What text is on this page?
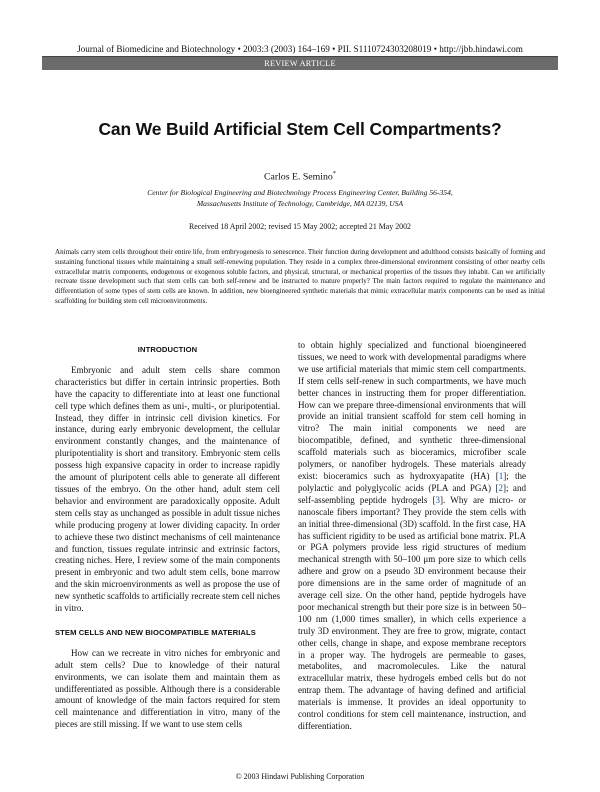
Journal of Biomedicine and Biotechnology • 2003:3 (2003) 164–169 • PII. S1110724303208019 • http://jbb.hindawi.com
REVIEW ARTICLE
Can We Build Artificial Stem Cell Compartments?
Carlos E. Semino*
Center for Biological Engineering and Biotechnology Process Engineering Center, Building 56-354,
Massachusetts Institute of Technology, Cambridge, MA 02139, USA
Received 18 April 2002; revised 15 May 2002; accepted 21 May 2002
Animals carry stem cells throughout their entire life, from embryogenesis to senescence. Their function during development and adulthood consists basically of forming and sustaining functional tissues while maintaining a small self-renewing population. They reside in a complex three-dimensional environment consisting of other nearby cells extracellular matrix components, endogenous or exogenous soluble factors, and physical, structural, or mechanical properties of the tissues they inhabit. Can we artificially recreate tissue development such that stem cells can both self-renew and be instructed to mature properly? The main factors required to regulate the maintenance and differentiation of some types of stem cells are known. In addition, new bioengineered synthetic materials that mimic extracellular matrix components can be used as initial scaffolding for building stem cell microenvironments.
INTRODUCTION

Embryonic and adult stem cells share common characteristics but differ in certain intrinsic properties. Both have the capacity to differentiate into at least one functional cell type which defines them as uni-, multi-, or pluripotential. Instead, they differ in intrinsic cell division kinetics. For instance, during early embryonic development, the cellular environment constantly changes, and the maintenance of pluripotentiality is short and transitory. Embryonic stem cells possess high expansive capacity in order to increase rapidly the amount of pluripotent cells able to generate all different tissues of the embryo. On the other hand, adult stem cell behavior and environment are paradoxically opposite. Adult stem cells stay as unchanged as possible in adult tissue niches while producing progeny at lower dividing capacity. In order to achieve these two distinct mechanisms of cell maintenance and function, tissues regulate intrinsic and extrinsic factors, creating niches. Here, I review some of the main components present in embryonic and two adult stem cells, bone marrow and the skin microenvironments as well as propose the use of new synthetic scaffolds to artificially recreate stem cell niches in vitro.

STEM CELLS AND NEW BIOCOMPATIBLE MATERIALS

How can we recreate in vitro niches for embryonic and adult stem cells? Due to knowledge of their natural environments, we can isolate them and maintain them as undifferentiated as possible. Although there is a considerable amount of knowledge of the main factors required for stem cell maintenance and differentiation in vitro, many of the pieces are still missing. If we want to use stem cells

to obtain highly specialized and functional bioengineered tissues, we need to work with developmental paradigms where we use artificial materials that mimic stem cell compartments. If stem cells self-renew in such compartments, we have much better chances in instructing them for proper differentiation. How can we prepare three-dimensional environments that will provide an initial transient scaffold for stem cell homing in vitro? The main initial components we need are biocompatible, defined, and synthetic three-dimensional scaffold materials such as bioceramics, microfiber scale polymers, or nanofiber hydrogels. These materials already exist: bioceramics such as hydroxyapatite (HA) [1]; the polylactic and polyglycolic acids (PLA and PGA) [2]; and self-assembling peptide hydrogels [3]. Why are micro- or nanoscale fibers important? They provide the stem cells with an initial three-dimensional (3D) scaffold. In the first case, HA has sufficient rigidity to be used as artificial bone matrix. PLA or PGA polymers provide less rigid structures of medium mechanical strength with 50–100 μm pore size to which cells adhere and grow on a pseudo 3D environment because their pore dimensions are in the same order of magnitude of an average cell size. On the other hand, peptide hydrogels have poor mechanical strength but their pore size is in between 50–100 nm (1,000 times smaller), in which cells experience a truly 3D environment. They are free to grow, migrate, contact other cells, change in shape, and expose membrane receptors in a proper way. The hydrogels are permeable to gases, metabolites, and macromolecules. Like the natural extracellular matrix, these hydrogels embed cells but do not entrap them. The advantage of having defined and artificial materials is immense. It provides an ideal opportunity to control conditions for stem cell maintenance, instruction, and differentiation.

© 2003 Hindawi Publishing Corporation
